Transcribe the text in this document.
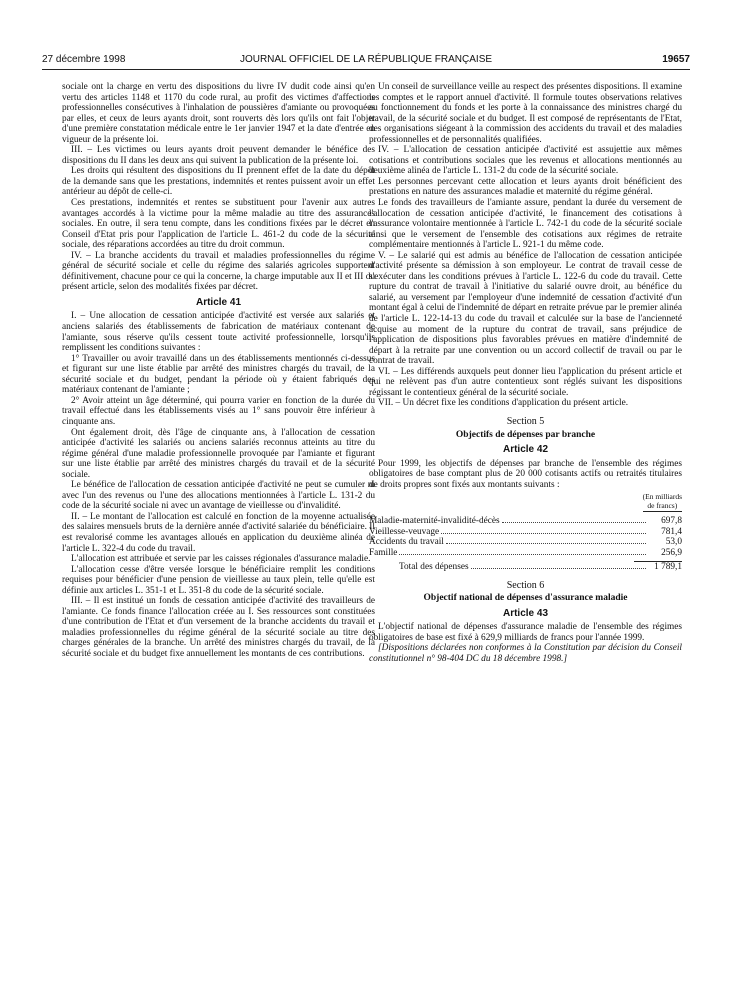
27 décembre 1998	JOURNAL OFFICIEL DE LA RÉPUBLIQUE FRANÇAISE	19657

sociale ont la charge en vertu des dispositions du livre IV dudit code ainsi qu'en vertu des articles 1148 et 1170 du code rural, au profit des victimes d'affections professionnelles consécutives à l'inhalation de poussières d'amiante ou provoquées par elles, et ceux de leurs ayants droit, sont rouverts dès lors qu'ils ont fait l'objet d'une première constatation médicale entre le 1er janvier 1947 et la date d'entrée en vigueur de la présente loi.

III. – Les victimes ou leurs ayants droit peuvent demander le bénéfice des dispositions du II dans les deux ans qui suivent la publication de la présente loi.

Les droits qui résultent des dispositions du II prennent effet de la date du dépôt de la demande sans que les prestations, indemnités et rentes puissent avoir un effet antérieur au dépôt de celle-ci.

Ces prestations, indemnités et rentes se substituent pour l'avenir aux autres avantages accordés à la victime pour la même maladie au titre des assurances sociales. En outre, il sera tenu compte, dans les conditions fixées par le décret en Conseil d'Etat pris pour l'application de l'article L. 461-2 du code de la sécurité sociale, des réparations accordées au titre du droit commun.

IV. – La branche accidents du travail et maladies professionnelles du régime général de sécurité sociale et celle du régime des salariés agricoles supportent définitivement, chacune pour ce qui la concerne, la charge imputable aux II et III du présent article, selon des modalités fixées par décret.

Article 41

I. – Une allocation de cessation anticipée d'activité est versée aux salariés et anciens salariés des établissements de fabrication de matériaux contenant de l'amiante, sous réserve qu'ils cessent toute activité professionnelle, lorsqu'ils remplissent les conditions suivantes :

1° Travailler ou avoir travaillé dans un des établissements mentionnés ci-dessus et figurant sur une liste établie par arrêté des ministres chargés du travail, de la sécurité sociale et du budget, pendant la période où y étaient fabriqués des matériaux contenant de l'amiante ;

2° Avoir atteint un âge déterminé, qui pourra varier en fonction de la durée du travail effectué dans les établissements visés au 1° sans pouvoir être inférieur à cinquante ans.

Ont également droit, dès l'âge de cinquante ans, à l'allocation de cessation anticipée d'activité les salariés ou anciens salariés reconnus atteints au titre du régime général d'une maladie professionnelle provoquée par l'amiante et figurant sur une liste établie par arrêté des ministres chargés du travail et de la sécurité sociale.

Le bénéfice de l'allocation de cessation anticipée d'activité ne peut se cumuler ni avec l'un des revenus ou l'une des allocations mentionnées à l'article L. 131-2 du code de la sécurité sociale ni avec un avantage de vieillesse ou d'invalidité.

II. – Le montant de l'allocation est calculé en fonction de la moyenne actualisée des salaires mensuels bruts de la dernière année d'activité salariée du bénéficiaire. Il est revalorisé comme les avantages alloués en application du deuxième alinéa de l'article L. 322-4 du code du travail.

L'allocation est attribuée et servie par les caisses régionales d'assurance maladie.

L'allocation cesse d'être versée lorsque le bénéficiaire remplit les conditions requises pour bénéficier d'une pension de vieillesse au taux plein, telle qu'elle est définie aux articles L. 351-1 et L. 351-8 du code de la sécurité sociale.

III. – Il est institué un fonds de cessation anticipée d'activité des travailleurs de l'amiante. Ce fonds finance l'allocation créée au I. Ses ressources sont constituées d'une contribution de l'Etat et d'un versement de la branche accidents du travail et maladies professionnelles du régime général de la sécurité sociale au titre des charges générales de la branche. Un arrêté des ministres chargés du travail, de la sécurité sociale et du budget fixe annuellement les montants de ces contributions.

Un conseil de surveillance veille au respect des présentes dispositions. Il examine les comptes et le rapport annuel d'activité. Il formule toutes observations relatives au fonctionnement du fonds et les porte à la connaissance des ministres chargé du travail, de la sécurité sociale et du budget. Il est composé de représentants de l'Etat, des organisations siégeant à la commission des accidents du travail et des maladies professionnelles et de personnalités qualifiées.

IV. – L'allocation de cessation anticipée d'activité est assujettie aux mêmes cotisations et contributions sociales que les revenus et allocations mentionnés au deuxième alinéa de l'article L. 131-2 du code de la sécurité sociale.

Les personnes percevant cette allocation et leurs ayants droit bénéficient des prestations en nature des assurances maladie et maternité du régime général.

Le fonds des travailleurs de l'amiante assure, pendant la durée du versement de l'allocation de cessation anticipée d'activité, le financement des cotisations à l'assurance volontaire mentionnée à l'article L. 742-1 du code de la sécurité sociale ainsi que le versement de l'ensemble des cotisations aux régimes de retraite complémentaire mentionnés à l'article L. 921-1 du même code.

V. – Le salarié qui est admis au bénéfice de l'allocation de cessation anticipée d'activité présente sa démission à son employeur. Le contrat de travail cesse de s'exécuter dans les conditions prévues à l'article L. 122-6 du code du travail. Cette rupture du contrat de travail à l'initiative du salarié ouvre droit, au bénéfice du salarié, au versement par l'employeur d'une indemnité de cessation d'activité d'un montant égal à celui de l'indemnité de départ en retraite prévue par le premier alinéa de l'article L. 122-14-13 du code du travail et calculée sur la base de l'ancienneté acquise au moment de la rupture du contrat de travail, sans préjudice de l'application de dispositions plus favorables prévues en matière d'indemnité de départ à la retraite par une convention ou un accord collectif de travail ou par le contrat de travail.

VI. – Les différends auxquels peut donner lieu l'application du présent article et qui ne relèvent pas d'un autre contentieux sont réglés suivant les dispositions régissant le contentieux général de la sécurité sociale.

VII. – Un décret fixe les conditions d'application du présent article.

Section 5
Objectifs de dépenses par branche
Article 42

Pour 1999, les objectifs de dépenses par branche de l'ensemble des régimes obligatoires de base comptant plus de 20 000 cotisants actifs ou retraités titulaires de droits propres sont fixés aux montants suivants :

(En milliards
de francs)
Maladie-maternité-invalidité-décès	697,8
Vieillesse-veuvage	781,4
Accidents du travail	53,0
Famille	256,9
Total des dépenses	1 789,1
Section 6
Objectif national de dépenses d'assurance maladie
Article 43

L'objectif national de dépenses d'assurance maladie de l'ensemble des régimes obligatoires de base est fixé à 629,9 milliards de francs pour l'année 1999.

[Dispositions déclarées non conformes à la Constitution par décision du Conseil constitutionnel n° 98-404 DC du 18 décembre 1998.]
